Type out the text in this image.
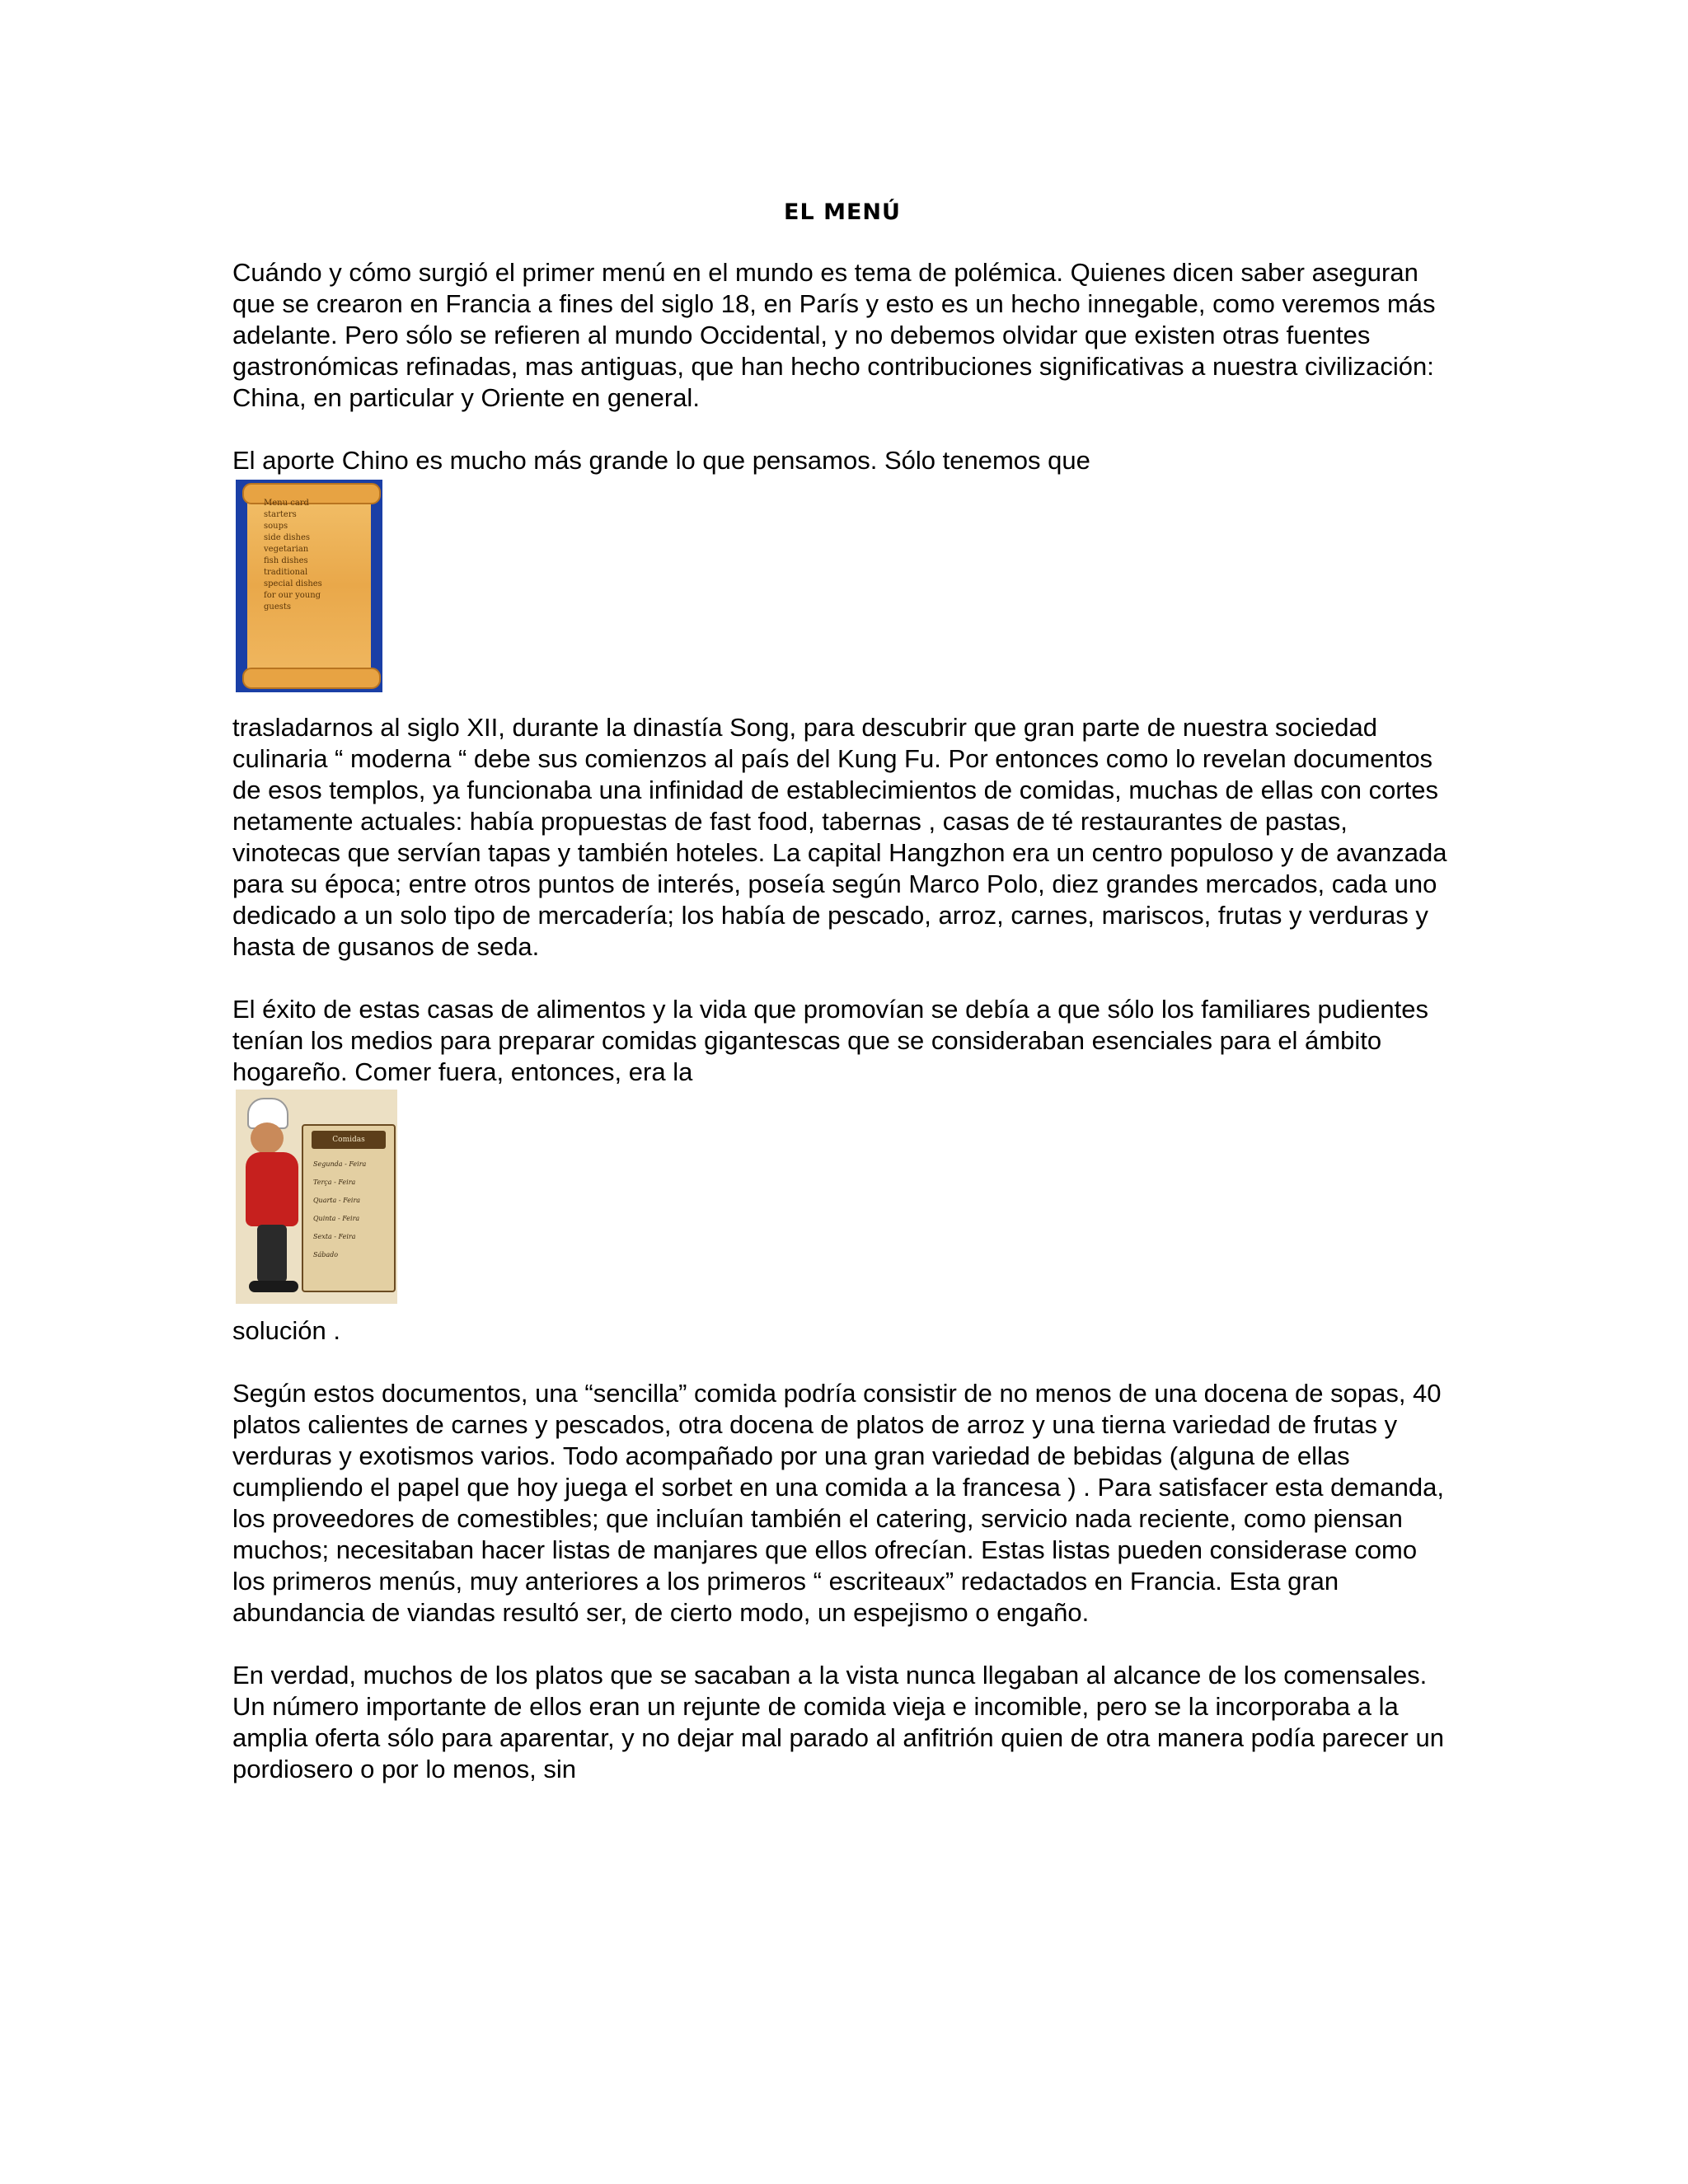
EL MENÚ

Cuándo y cómo surgió el primer menú en el mundo es tema de polémica. Quienes dicen saber aseguran que se crearon en Francia a fines del siglo 18, en París y esto es un hecho innegable, como veremos más adelante. Pero sólo se refieren al mundo Occidental, y no debemos olvidar que existen otras fuentes gastronómicas refinadas, mas antiguas, que han hecho contribuciones significativas a nuestra civilización: China, en particular y Oriente en general.

El aporte Chino es mucho más grande lo que pensamos. Sólo tenemos que

Menu card
starters
soups
side dishes
vegetarian
fish dishes
traditional
special dishes
for our young
guests

trasladarnos al siglo XII, durante la dinastía Song, para descubrir que gran parte de nuestra sociedad culinaria “ moderna “ debe sus comienzos al país del Kung Fu. Por entonces como lo revelan documentos de esos templos, ya funcionaba una infinidad de establecimientos de comidas, muchas de ellas con cortes netamente actuales: había propuestas de fast food, tabernas , casas de té restaurantes de pastas, vinotecas que servían tapas y también hoteles. La capital Hangzhon era un centro populoso y de avanzada para su época; entre otros puntos de interés, poseía según Marco Polo, diez grandes mercados, cada uno dedicado a un solo tipo de mercadería; los había de pescado, arroz, carnes, mariscos, frutas y verduras y hasta de gusanos de seda.

El éxito de estas casas de alimentos y la vida que promovían se debía a que sólo los familiares pudientes tenían los medios para preparar comidas gigantescas que se consideraban esenciales para el ámbito hogareño. Comer fuera, entonces, era la

Comidas
Segunda - Feira
Terça - Feira
Quarta - Feira
Quinta - Feira
Sexta - Feira
Sábado

solución .

Según estos documentos, una “sencilla” comida podría consistir de no menos de una docena de sopas, 40 platos calientes de carnes y pescados, otra docena de platos de arroz y una tierna variedad de frutas y verduras y exotismos varios. Todo acompañado por una gran variedad de bebidas (alguna de ellas cumpliendo el papel que hoy juega el sorbet en una comida a la francesa ) . Para satisfacer esta demanda, los proveedores de comestibles; que incluían también el catering, servicio nada reciente, como piensan muchos; necesitaban hacer listas de manjares que ellos ofrecían. Estas listas pueden considerase como los primeros menús, muy anteriores a los primeros “ escriteaux” redactados en Francia. Esta gran abundancia de viandas resultó ser, de cierto modo, un espejismo o engaño.

En verdad, muchos de los platos que se sacaban a la vista nunca llegaban al alcance de los comensales. Un número importante de ellos eran un rejunte de comida vieja e incomible, pero se la incorporaba a la amplia oferta sólo para aparentar, y no dejar mal parado al anfitrión quien de otra manera podía parecer un pordiosero o por lo menos, sin
